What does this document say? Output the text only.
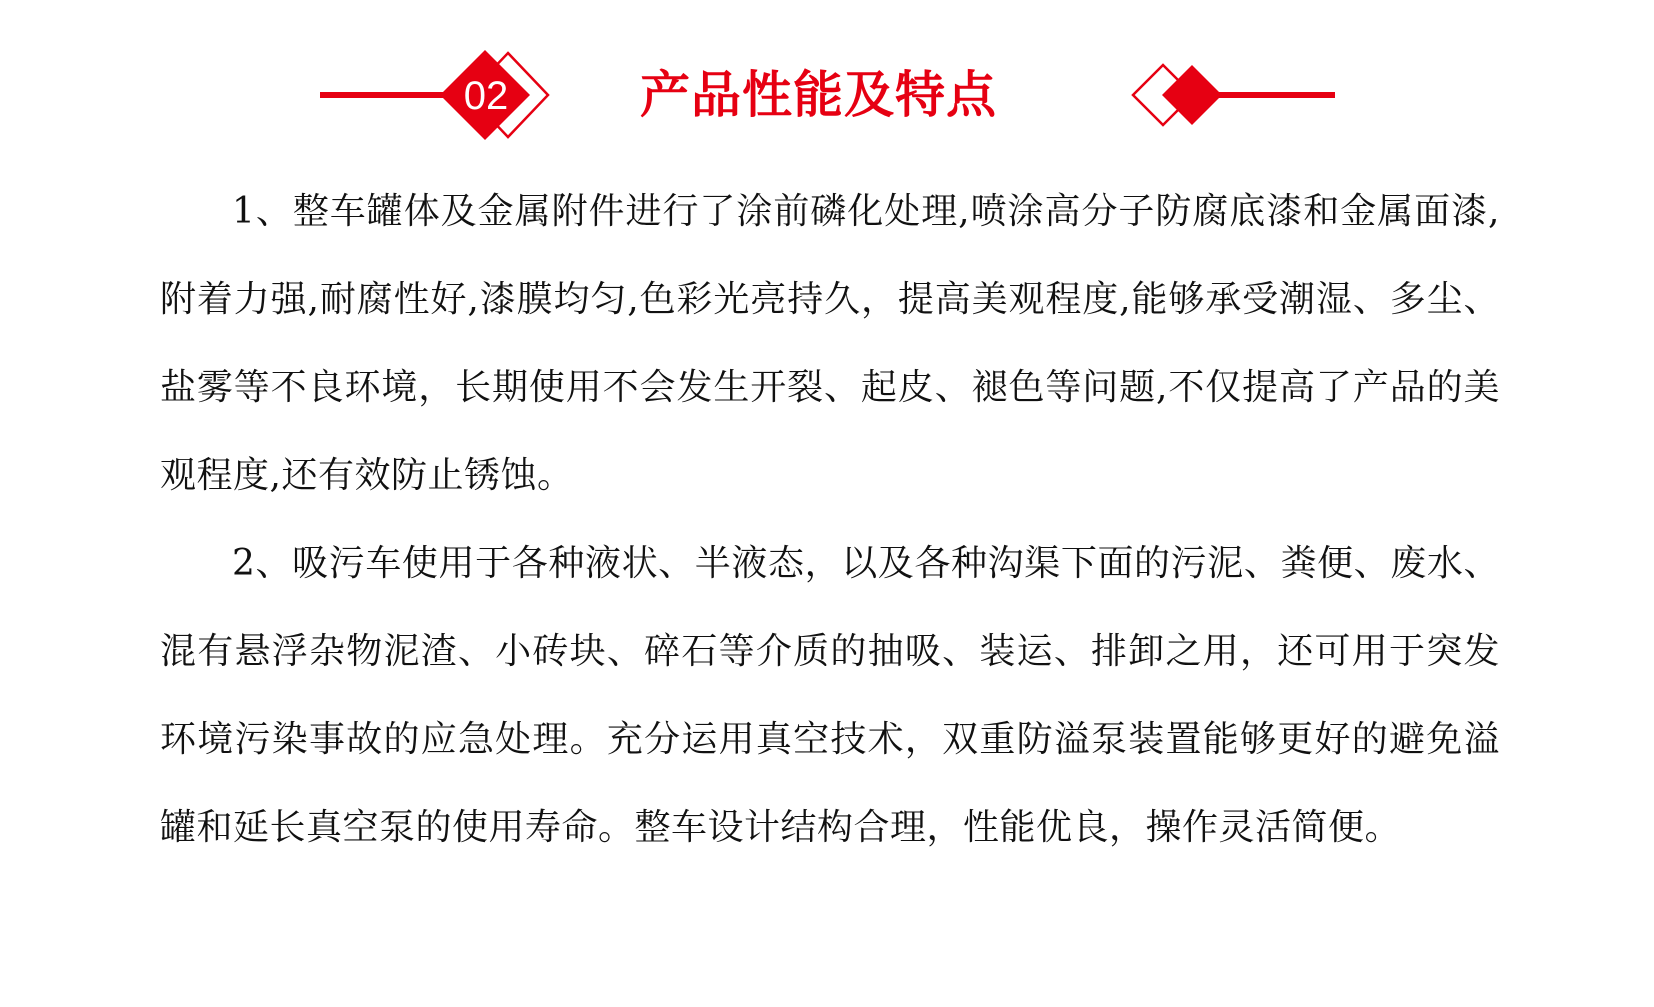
02	产品性能及特点

1、整车罐体及金属附件进行了涂前磷化处理,喷涂高分子防腐底漆和金属面漆, 附着力强,耐腐性好,漆膜均匀,色彩光亮持久，提高美观程度,能够承受潮湿、多尘、盐雾等不良环境，长期使用不会发生开裂、起皮、褪色等问题,不仅提高了产品的美观程度,还有效防止锈蚀。

2、吸污车使用于各种液状、半液态，以及各种沟渠下面的污泥、粪便、废水、混有悬浮杂物泥渣、小砖块、碎石等介质的抽吸、装运、排卸之用，还可用于突发环境污染事故的应急处理。充分运用真空技术，双重防溢泵装置能够更好的避免溢罐和延长真空泵的使用寿命。整车设计结构合理，性能优良，操作灵活简便。
